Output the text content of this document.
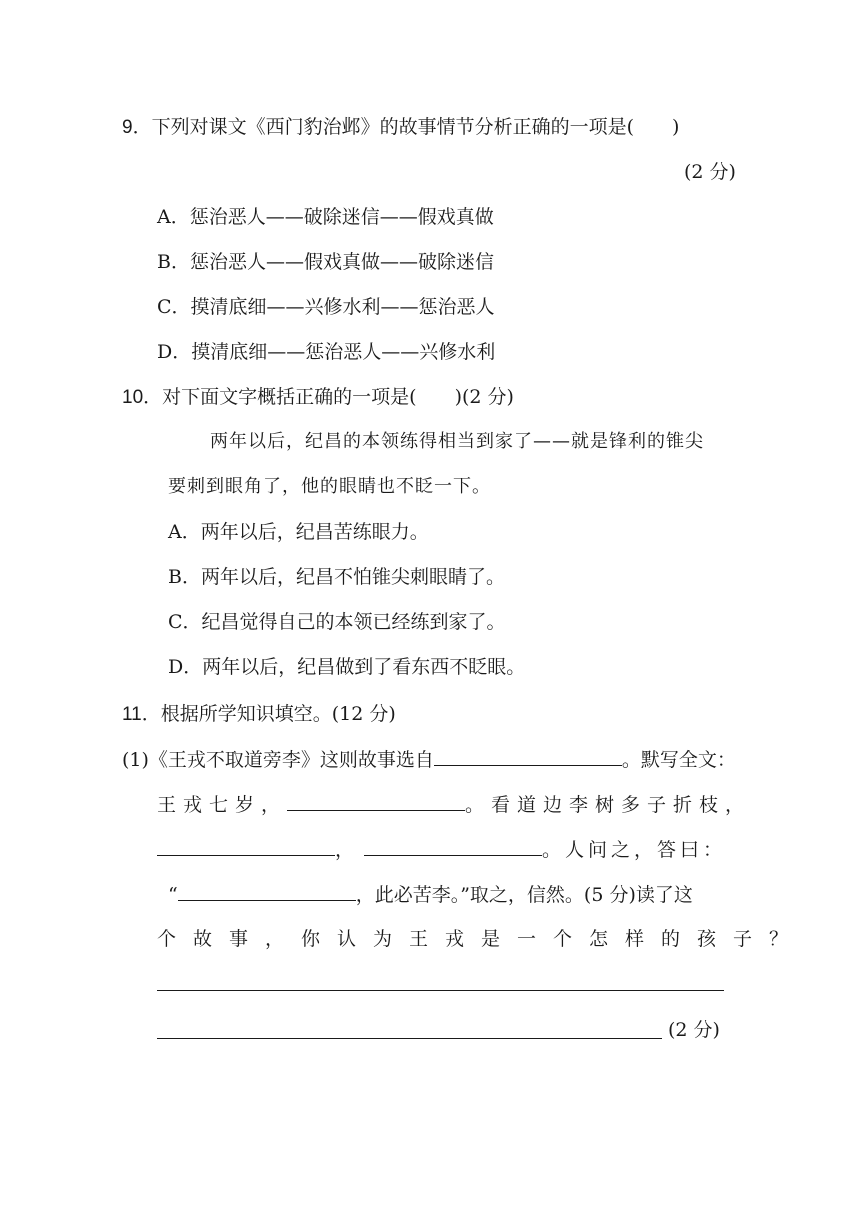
9．下列对课文《西门豹治邺》的故事情节分析正确的一项是(　　)
(2 分)
A．惩治恶人——破除迷信——假戏真做
B．惩治恶人——假戏真做——破除迷信
C．摸清底细——兴修水利——惩治恶人
D．摸清底细——惩治恶人——兴修水利
10．对下面文字概括正确的一项是(　　)(2 分)
两年以后，纪昌的本领练得相当到家了——就是锋利的锥尖
要刺到眼角了，他的眼睛也不眨一下。
A．两年以后，纪昌苦练眼力。
B．两年以后，纪昌不怕锥尖刺眼睛了。
C．纪昌觉得自己的本领已经练到家了。
D．两年以后，纪昌做到了看东西不眨眼。
11．根据所学知识填空。(12 分)
(1)《王戎不取道旁李》这则故事选自	。默写全文：
王戎七岁，	。看道边李树多子折枝，
，	。人问之，答曰：
“	，此必苦李。”取之，信然。(5 分)读了这
个故事，你认为王戎是一个怎样的孩子？
(2 分)
